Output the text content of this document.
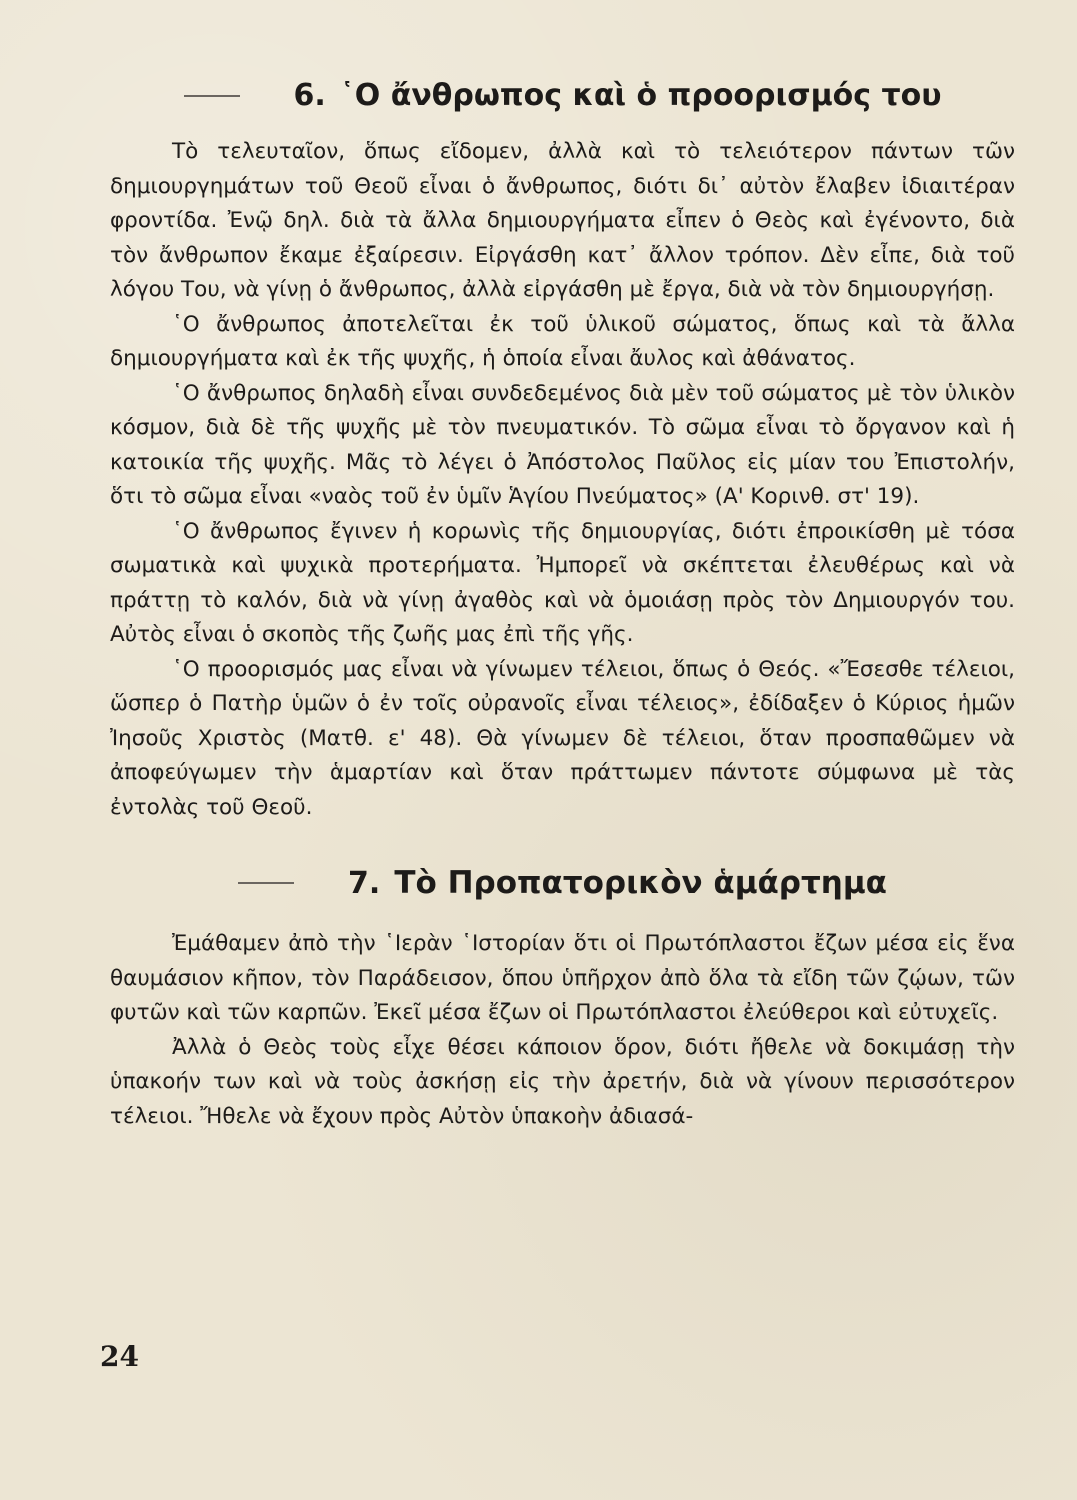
6. ῾Ο ἄνθρωπος καὶ ὁ προορισμός του

Τὸ τελευταῖον, ὅπως εἴδομεν, ἀλλὰ καὶ τὸ τελειότερον πάντων τῶν δημιουργημάτων τοῦ Θεοῦ εἶναι ὁ ἄνθρωπος, διότι δι᾿ αὐτὸν ἔλαβεν ἰδιαιτέραν φροντίδα. Ἐνῷ δηλ. διὰ τὰ ἄλλα δημιουργήματα εἶπεν ὁ Θεὸς καὶ ἐγένοντο, διὰ τὸν ἄνθρωπον ἔκαμε ἐξαίρεσιν. Εἰργάσθη κατ᾿ ἄλλον τρόπον. Δὲν εἶπε, διὰ τοῦ λόγου Του, νὰ γίνῃ ὁ ἄνθρωπος, ἀλλὰ εἰργάσθη μὲ ἔργα, διὰ νὰ τὸν δημιουργήσῃ.

῾Ο ἄνθρωπος ἀποτελεῖται ἐκ τοῦ ὑλικοῦ σώματος, ὅπως καὶ τὰ ἄλλα δημιουργήματα καὶ ἐκ τῆς ψυχῆς, ἡ ὁποία εἶναι ἄυλος καὶ ἀθάνατος.

῾Ο ἄνθρωπος δηλαδὴ εἶναι συνδεδεμένος διὰ μὲν τοῦ σώματος μὲ τὸν ὑλικὸν κόσμον, διὰ δὲ τῆς ψυχῆς μὲ τὸν πνευματικόν. Τὸ σῶμα εἶναι τὸ ὄργανον καὶ ἡ κατοικία τῆς ψυχῆς. Μᾶς τὸ λέγει ὁ Ἀπόστολος Παῦλος εἰς μίαν του Ἐπιστολήν, ὅτι τὸ σῶμα εἶναι «ναὸς τοῦ ἐν ὑμῖν Ἁγίου Πνεύματος» (Α' Κορινθ. στ' 19).

῾Ο ἄνθρωπος ἔγινεν ἡ κορωνὶς τῆς δημιουργίας, διότι ἐπροικίσθη μὲ τόσα σωματικὰ καὶ ψυχικὰ προτερήματα. Ἠμπορεῖ νὰ σκέπτεται ἐλευθέρως καὶ νὰ πράττῃ τὸ καλόν, διὰ νὰ γίνῃ ἀγαθὸς καὶ νὰ ὁμοιάσῃ πρὸς τὸν Δημιουργόν του. Αὐτὸς εἶναι ὁ σκοπὸς τῆς ζωῆς μας ἐπὶ τῆς γῆς.

῾Ο προορισμός μας εἶναι νὰ γίνωμεν τέλειοι, ὅπως ὁ Θεός. «Ἔσεσθε τέλειοι, ὥσπερ ὁ Πατὴρ ὑμῶν ὁ ἐν τοῖς οὐρανοῖς εἶναι τέλειος», ἐδίδαξεν ὁ Κύριος ἡμῶν Ἰησοῦς Χριστὸς (Ματθ. ε' 48). Θὰ γίνωμεν δὲ τέλειοι, ὅταν προσπαθῶμεν νὰ ἀποφεύγωμεν τὴν ἁμαρτίαν καὶ ὅταν πράττωμεν πάντοτε σύμφωνα μὲ τὰς ἐντολὰς τοῦ Θεοῦ.

7. Τὸ Προπατορικὸν ἁμάρτημα

Ἐμάθαμεν ἀπὸ τὴν ῾Ιερὰν ῾Ιστορίαν ὅτι οἱ Πρωτόπλαστοι ἔζων μέσα εἰς ἕνα θαυμάσιον κῆπον, τὸν Παράδεισον, ὅπου ὑπῆρχον ἀπὸ ὅλα τὰ εἴδη τῶν ζῴων, τῶν φυτῶν καὶ τῶν καρπῶν. Ἐκεῖ μέσα ἔζων οἱ Πρωτόπλαστοι ἐλεύθεροι καὶ εὐτυχεῖς.

Ἀλλὰ ὁ Θεὸς τοὺς εἶχε θέσει κάποιον ὅρον, διότι ἤθελε νὰ δοκιμάσῃ τὴν ὑπακοήν των καὶ νὰ τοὺς ἀσκήσῃ εἰς τὴν ἀρετήν, διὰ νὰ γίνουν περισσότερον τέλειοι. Ἤθελε νὰ ἔχουν πρὸς Αὐτὸν ὑπακοὴν ἀδιασά-

24
